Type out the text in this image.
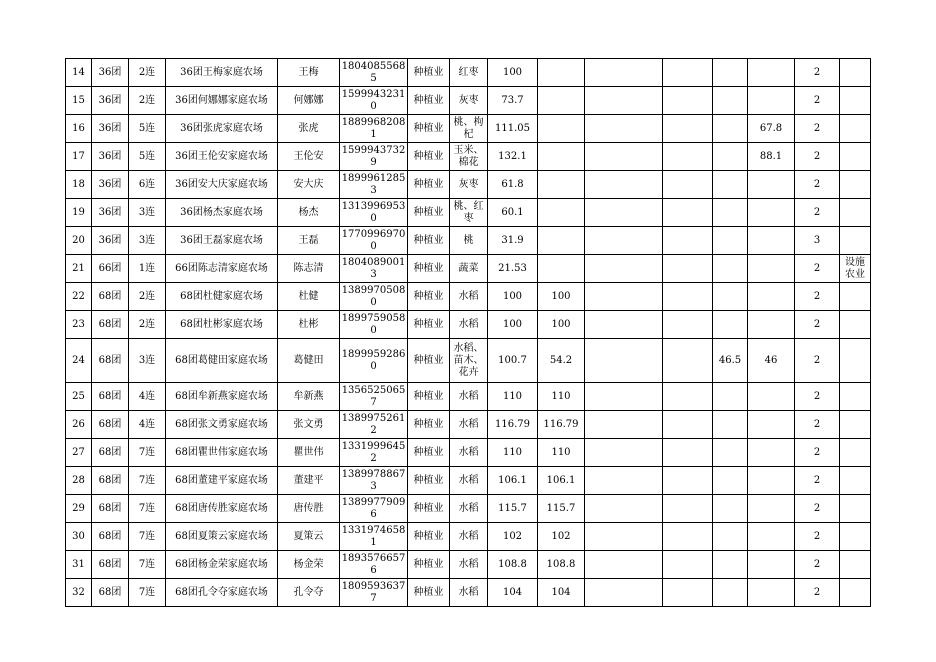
14	36团	2连	36团王梅家庭农场	王梅	18040855685	种植业	红枣	100						2	
15	36团	2连	36团何娜娜家庭农场	何娜娜	15999432310	种植业	灰枣	73.7						2	
16	36团	5连	36团张虎家庭农场	张虎	18899682081	种植业	桃、枸杞	111.05					67.8	2	
17	36团	5连	36团王伦安家庭农场	王伦安	15999437329	种植业	玉米、棉花	132.1					88.1	2	
18	36团	6连	36团安大庆家庭农场	安大庆	18999612853	种植业	灰枣	61.8						2	
19	36团	3连	36团杨杰家庭农场	杨杰	13139969530	种植业	桃、红枣	60.1						2	
20	36团	3连	36团王磊家庭农场	王磊	17709969700	种植业	桃	31.9						3	
21	66团	1连	66团陈志清家庭农场	陈志清	18040890013	种植业	蔬菜	21.53						2	设施农业
22	68团	2连	68团杜健家庭农场	杜健	13899705080	种植业	水稻	100	100					2	
23	68团	2连	68团杜彬家庭农场	杜彬	18997590580	种植业	水稻	100	100					2	
24	68团	3连	68团葛健田家庭农场	葛健田	18999592860	种植业	水稻、苗木、花卉	100.7	54.2			46.5	46	2	
25	68团	4连	68团牟新燕家庭农场	牟新燕	13565250657	种植业	水稻	110	110					2	
26	68团	4连	68团张文勇家庭农场	张文勇	13899752612	种植业	水稻	116.79	116.79					2	
27	68团	7连	68团瞿世伟家庭农场	瞿世伟	13319996452	种植业	水稻	110	110					2	
28	68团	7连	68团董建平家庭农场	董建平	13899788673	种植业	水稻	106.1	106.1					2	
29	68团	7连	68团唐传胜家庭农场	唐传胜	13899779096	种植业	水稻	115.7	115.7					2	
30	68团	7连	68团夏策云家庭农场	夏策云	13319746581	种植业	水稻	102	102					2	
31	68团	7连	68团杨金荣家庭农场	杨金荣	18935766576	种植业	水稻	108.8	108.8					2	
32	68团	7连	68团孔令夺家庭农场	孔令夺	18095936377	种植业	水稻	104	104					2	
